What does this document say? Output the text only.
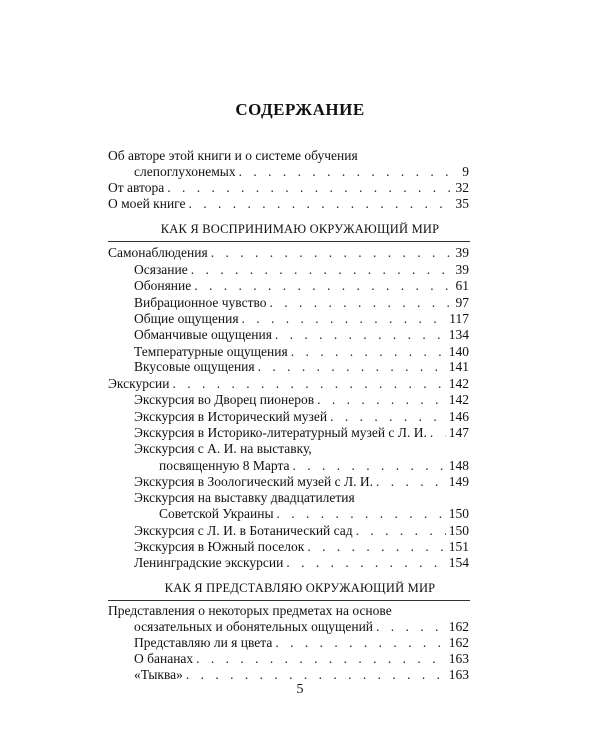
СОДЕРЖАНИЕ
Об авторе этой книги и о системе обучения
слепоглухонемых . . .	9
От автора . . .	32
О моей книге . . .	35
КАК Я ВОСПРИНИМАЮ ОКРУЖАЮЩИЙ МИР
Самонаблюдения . . .	39
Осязание . . .	39
Обоняние . . .	61
Вибрационное чувство . . .	97
Общие ощущения . . .	117
Обманчивые ощущения . . .	134
Температурные ощущения . . .	140
Вкусовые ощущения . . .	141
Экскурсии . . .	142
Экскурсия во Дворец пионеров . . .	142
Экскурсия в Исторический музей . . .	146
Экскурсия в Историко-литературный музей с Л. И. . . . 147
Экскурсия с А. И. на выставку,
посвященную 8 Марта . . .	148
Экскурсия в Зоологический музей с Л. И. . . .	149
Экскурсия на выставку двадцатилетия
Советской Украины . . .	150
Экскурсия с Л. И. в Ботанический сад . . .	150
Экскурсия в Южный поселок . . .	151
Ленинградские экскурсии . . .	154
КАК Я ПРЕДСТАВЛЯЮ ОКРУЖАЮЩИЙ МИР
Представления о некоторых предметах на основе
осязательных и обонятельных ощущений . . .	162
Представляю ли я цвета . . .	162
О бананах . . .	163
«Тыква» . . .	163
5
